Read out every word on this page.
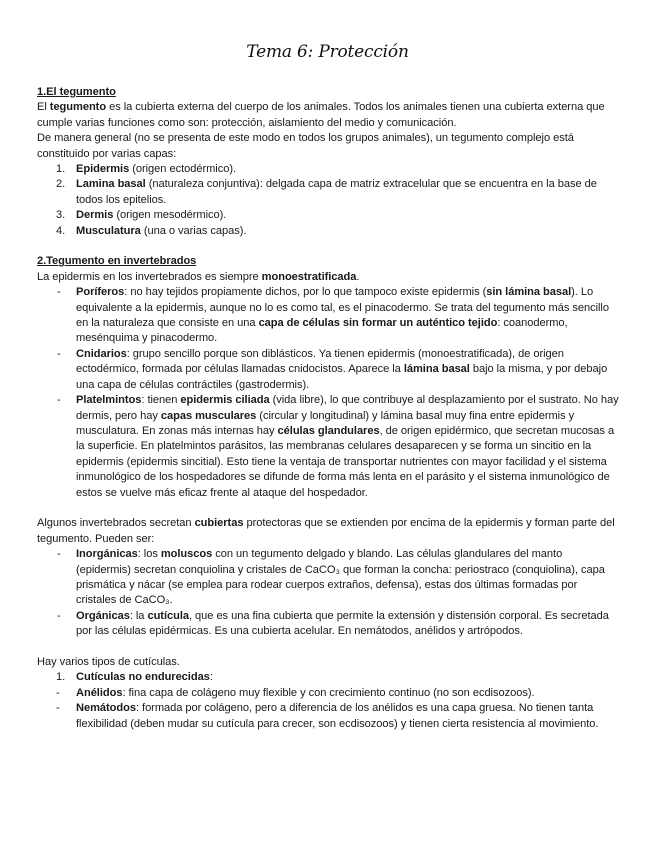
Tema 6: Protección

1.El tegumento

El tegumento es la cubierta externa del cuerpo de los animales. Todos los animales tienen una cubierta externa que cumple varias funciones como son: protección, aislamiento del medio y comunicación.

De manera general (no se presenta de este modo en todos los grupos animales), un tegumento complejo está constituido por varias capas:

1. Epidermis (origen ectodérmico).
2. Lamina basal (naturaleza conjuntiva): delgada capa de matriz extracelular que se encuentra en la base de todos los epitelios.
3. Dermis (origen mesodérmico).
4. Musculatura (una o varias capas).

2.Tegumento en invertebrados

La epidermis en los invertebrados es siempre monoestratificada.

- Poríferos: no hay tejidos propiamente dichos, por lo que tampoco existe epidermis (sin lámina basal). Lo equivalente a la epidermis, aunque no lo es como tal, es el pinacodermo. Se trata del tegumento más sencillo en la naturaleza que consiste en una capa de células sin formar un auténtico tejido: coanodermo, mesénquima y pinacodermo.
- Cnidarios: grupo sencillo porque son diblásticos. Ya tienen epidermis (monoestratificada), de origen ectodérmico, formada por células llamadas cnidocistos. Aparece la lámina basal bajo la misma, y por debajo una capa de células contráctiles (gastrodermis).
- Platelmintos: tienen epidermis ciliada (vida libre), lo que contribuye al desplazamiento por el sustrato. No hay dermis, pero hay capas musculares (circular y longitudinal) y lámina basal muy fina entre epidermis y musculatura. En zonas más internas hay células glandulares, de origen epidérmico, que secretan mucosas a la superficie. En platelmintos parásitos, las membranas celulares desaparecen y se forma un sincitio en la epidermis (epidermis sincitial). Esto tiene la ventaja de transportar nutrientes con mayor facilidad y el sistema inmunológico de los hospedadores se difunde de forma más lenta en el parásito y el sistema inmunológico de estos se vuelve más eficaz frente al ataque del hospedador.

Algunos invertebrados secretan cubiertas protectoras que se extienden por encima de la epidermis y forman parte del tegumento. Pueden ser:

- Inorgánicas: los moluscos con un tegumento delgado y blando. Las células glandulares del manto (epidermis) secretan conquiolina y cristales de CaCO₃ que forman la concha: periostraco (conquiolina), capa prismática y nácar (se emplea para rodear cuerpos extraños, defensa), estas dos últimas formadas por cristales de CaCO₃.
- Orgánicas: la cutícula, que es una fina cubierta que permite la extensión y distensión corporal. Es secretada por las células epidérmicas. Es una cubierta acelular. En nemátodos, anélidos y artrópodos.

Hay varios tipos de cutículas.

1. Cutículas no endurecidas:
- Anélidos: fina capa de colágeno muy flexible y con crecimiento continuo (no son ecdisozoos).
- Nemátodos: formada por colágeno, pero a diferencia de los anélidos es una capa gruesa. No tienen tanta flexibilidad (deben mudar su cutícula para crecer, son ecdisozoos) y tienen cierta resistencia al movimiento.
